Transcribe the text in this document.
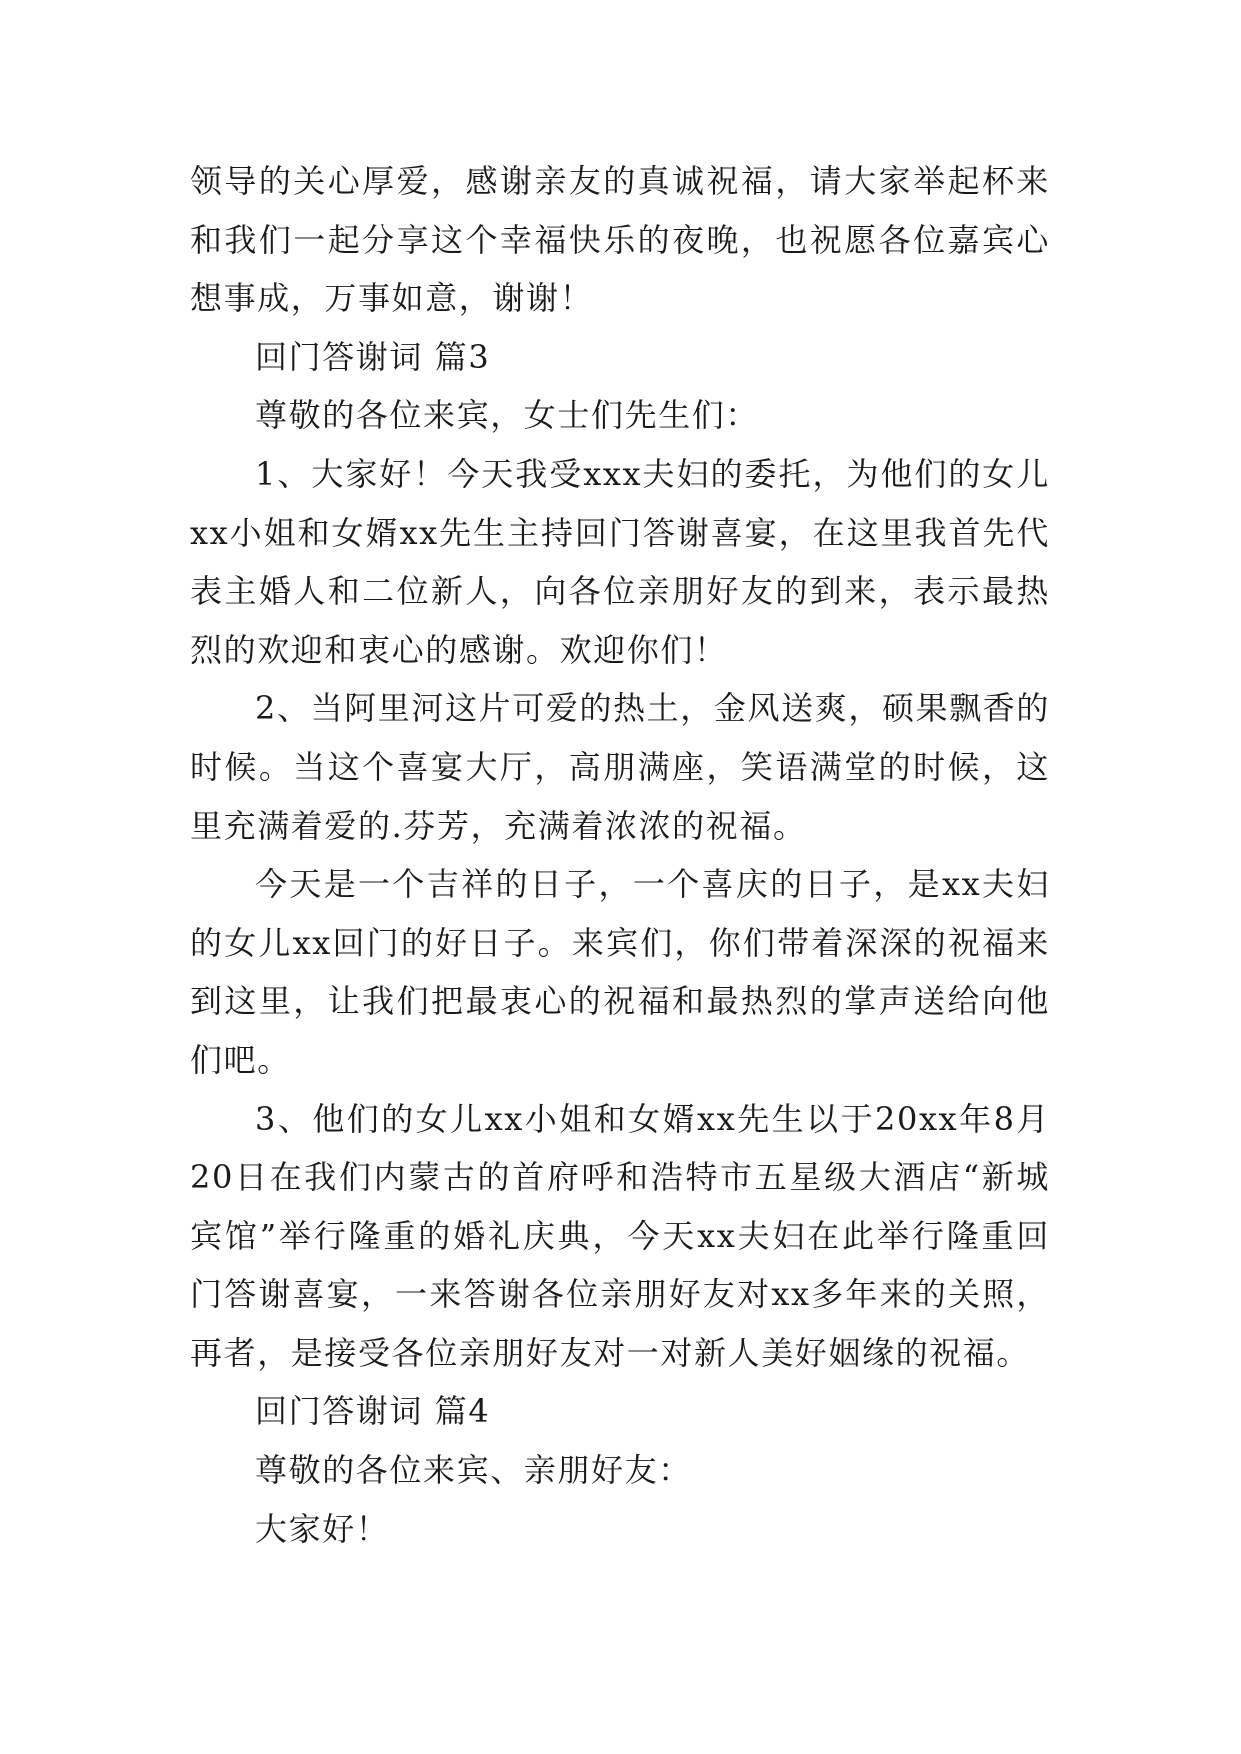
领导的关心厚爱，感谢亲友的真诚祝福，请大家举起杯来和我们一起分享这个幸福快乐的夜晚，也祝愿各位嘉宾心想事成，万事如意，谢谢！

回门答谢词 篇3

尊敬的各位来宾，女士们先生们：

1、大家好！今天我受xxx夫妇的委托，为他们的女儿xx小姐和女婿xx先生主持回门答谢喜宴，在这里我首先代表主婚人和二位新人，向各位亲朋好友的到来，表示最热烈的欢迎和衷心的感谢。欢迎你们！

2、当阿里河这片可爱的热土，金风送爽，硕果飘香的时候。当这个喜宴大厅，高朋满座，笑语满堂的时候，这里充满着爱的.芬芳，充满着浓浓的祝福。

今天是一个吉祥的日子，一个喜庆的日子，是xx夫妇的女儿xx回门的好日子。来宾们，你们带着深深的祝福来到这里，让我们把最衷心的祝福和最热烈的掌声送给向他们吧。

3、他们的女儿xx小姐和女婿xx先生以于20xx年8月20日在我们内蒙古的首府呼和浩特市五星级大酒店“新城宾馆”举行隆重的婚礼庆典，今天xx夫妇在此举行隆重回门答谢喜宴，一来答谢各位亲朋好友对xx多年来的关照，再者，是接受各位亲朋好友对一对新人美好姻缘的祝福。

回门答谢词 篇4

尊敬的各位来宾、亲朋好友：

大家好！
